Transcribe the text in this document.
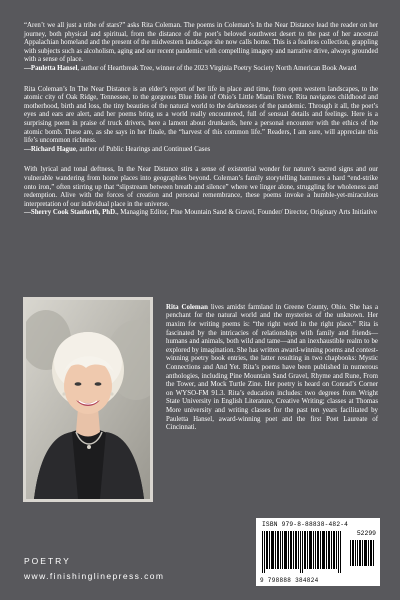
“Aren’t we all just a tribe of stars?” asks Rita Coleman. The poems in Coleman’s In the Near Distance lead the reader on her journey, both physical and spiritual, from the distance of the poet’s beloved southwest desert to the past of her ancestral Appalachian homeland and the present of the midwestern landscape she now calls home. This is a fearless collection, grappling with subjects such as alcoholism, aging and our recent pandemic with compelling imagery and narrative drive, always grounded with a sense of place.

—Pauletta Hansel, author of Heartbreak Tree, winner of the 2023 Virginia Poetry Society North American Book Award

Rita Coleman’s In The Near Distance is an elder’s report of her life in place and time, from open western landscapes, to the atomic city of Oak Ridge, Tennessee, to the gorgeous Blue Hole of Ohio’s Little Miami River. Rita navigates childhood and motherhood, birth and loss, the tiny beauties of the natural world to the darknesses of the pandemic. Through it all, the poet’s eyes and ears are alert, and her poems bring us a world really encountered, full of sensual details and feelings. Here is a surprising poem in praise of truck drivers, here a lament about drunkards, here a personal encounter with the ethics of the atomic bomb. These are, as she says in her finale, the “harvest of this common life.” Readers, I am sure, will appreciate this life’s uncommon richness.

—Richard Hague, author of Public Hearings and Continued Cases

With lyrical and tonal deftness, In the Near Distance stirs a sense of existential wonder for nature’s sacred signs and our vulnerable wandering from home places into geographies beyond. Coleman’s family storytelling hammers a hard “end-strike onto iron,” often stirring up that “slipstream between breath and silence” where we linger alone, struggling for wholeness and redemption. Alive with the forces of creation and personal remembrance, these poems invoke a humble-yet-miraculous interpretation of our individual place in the universe.

—Sherry Cook Stanforth, PhD., Managing Editor, Pine Mountain Sand & Gravel, Founder/ Director, Originary Arts Initiative

Rita Coleman lives amidst farmland in Greene County, Ohio. She has a penchant for the natural world and the mysteries of the unknown. Her maxim for writing poems is: “the right word in the right place.” Rita is fascinated by the intricacies of relationships with family and friends—humans and animals, both wild and tame—and an inexhaustible realm to be explored by imagination. She has written award-winning poems and contest-winning poetry book entries, the latter resulting in two chapbooks: Mystic Connections and And Yet. Rita’s poems have been published in numerous anthologies, including Pine Mountain Sand Gravel, Rhyme and Rune, From the Tower, and Mock Turtle Zine. Her poetry is heard on Conrad’s Corner on WYSO-FM 91.3. Rita’s education includes: two degrees from Wright State University in English Literature, Creative Writing; classes at Thomas More university and writing classes for the past ten years facilitated by Pauletta Hansel, award-winning poet and the first Poet Laureate of Cincinnati.

POETRY
www.finishinglinepress.com
ISBN 979-8-88838-482-4
52299
9 798888 384824
